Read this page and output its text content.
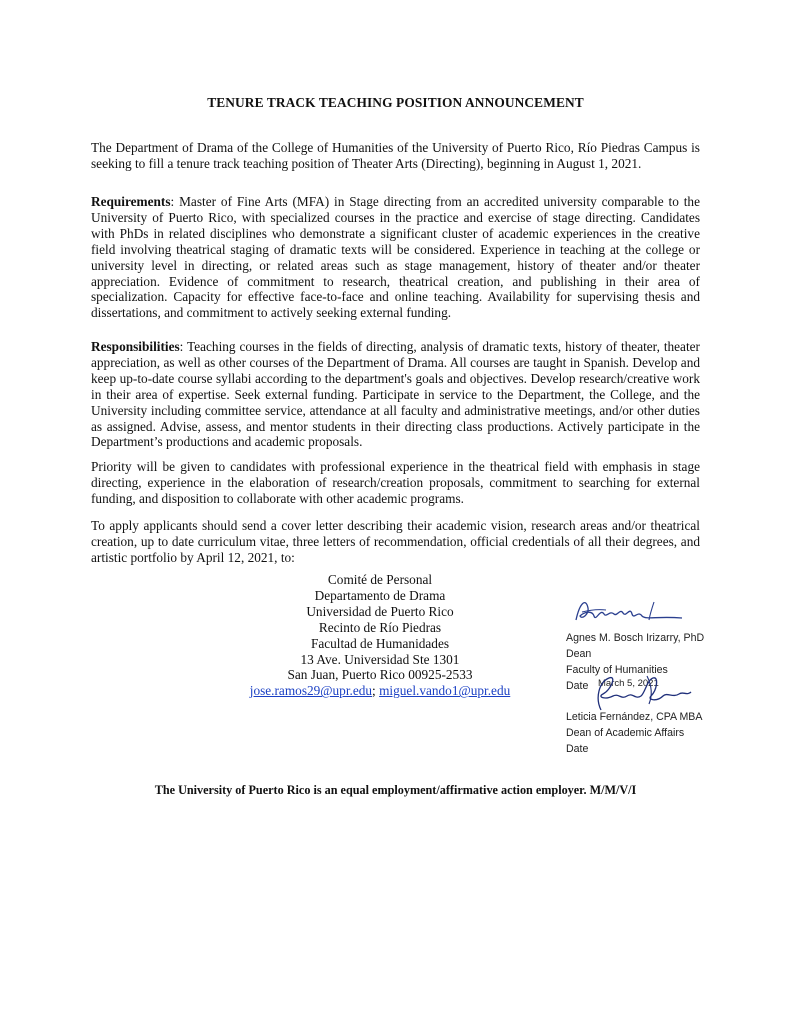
TENURE TRACK TEACHING POSITION ANNOUNCEMENT
The Department of Drama of the College of Humanities of the University of Puerto Rico, Río Piedras Campus is seeking to fill a tenure track teaching position of Theater Arts (Directing), beginning in August 1, 2021.
Requirements: Master of Fine Arts (MFA) in Stage directing from an accredited university comparable to the University of Puerto Rico, with specialized courses in the practice and exercise of stage directing. Candidates with PhDs in related disciplines who demonstrate a significant cluster of academic experiences in the creative field involving theatrical staging of dramatic texts will be considered. Experience in teaching at the college or university level in directing, or related areas such as stage management, history of theater and/or theater appreciation. Evidence of commitment to research, theatrical creation, and publishing in their area of specialization. Capacity for effective face-to-face and online teaching. Availability for supervising thesis and dissertations, and commitment to actively seeking external funding.
Responsibilities: Teaching courses in the fields of directing, analysis of dramatic texts, history of theater, theater appreciation, as well as other courses of the Department of Drama. All courses are taught in Spanish. Develop and keep up-to-date course syllabi according to the department's goals and objectives. Develop research/creative work in their area of expertise. Seek external funding. Participate in service to the Department, the College, and the University including committee service, attendance at all faculty and administrative meetings, and/or other duties as assigned. Advise, assess, and mentor students in their directing class productions. Actively participate in the Department’s productions and academic proposals.
Priority will be given to candidates with professional experience in the theatrical field with emphasis in stage directing, experience in the elaboration of research/creation proposals, commitment to searching for external funding, and disposition to collaborate with other academic programs.
To apply applicants should send a cover letter describing their academic vision, research areas and/or theatrical creation, up to date curriculum vitae, three letters of recommendation, official credentials of all their degrees, and artistic portfolio by April 12, 2021, to:
Comité de Personal
Departamento de Drama
Universidad de Puerto Rico
Recinto de Río Piedras
Facultad de Humanidades
13 Ave. Universidad Ste 1301
San Juan, Puerto Rico 00925-2533
jose.ramos29@upr.edu; miguel.vando1@upr.edu
Agnes M. Bosch Irizarry, PhD
Dean
Faculty of Humanities
Date	March 5, 2021
Leticia Fernández, CPA MBA
Dean of Academic Affairs
Date
The University of Puerto Rico is an equal employment/affirmative action employer. M/M/V/I
